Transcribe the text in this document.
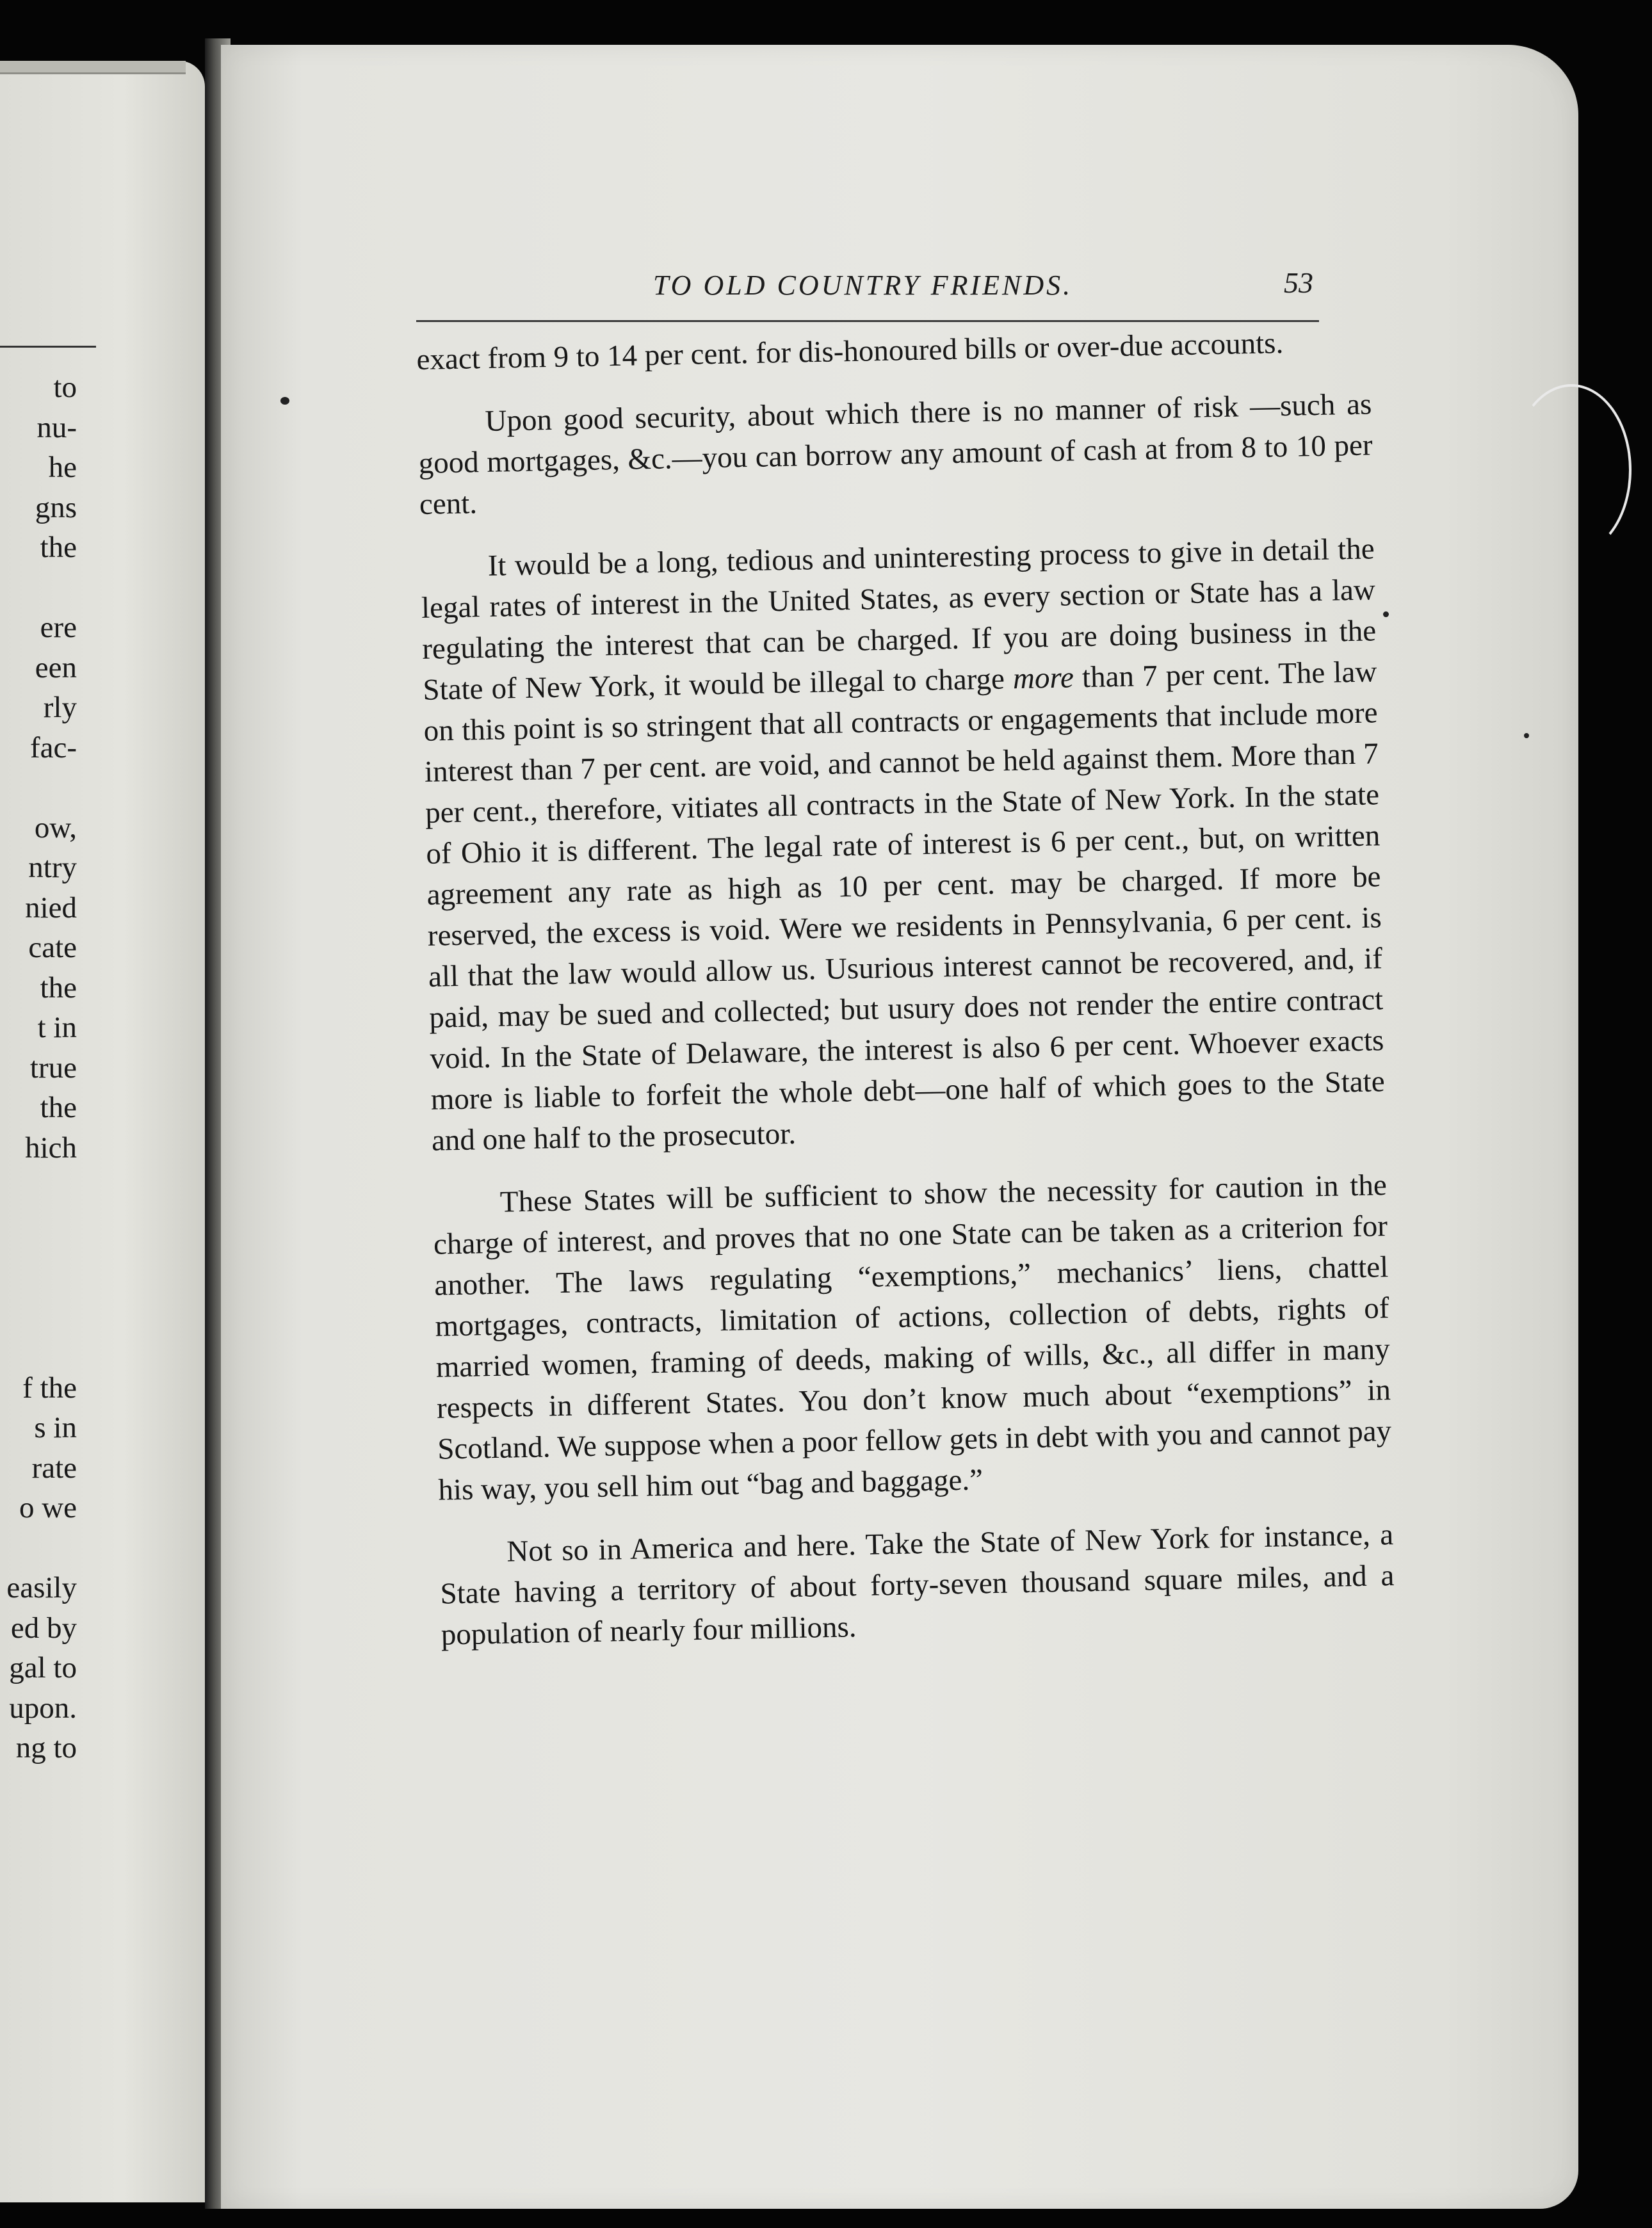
to
nu-
he
gns
the
ere
een
rly
fac-
ow,
ntry
nied
cate
the
t in
true
the
hich
f the
s in
rate
o we
easily
ed by
gal to
upon.
ng to
TO OLD COUNTRY FRIENDS.	53

exact from 9 to 14 per cent. for dis-honoured bills or over-due accounts.

Upon good security, about which there is no manner of risk —such as good mortgages, &c.—you can borrow any amount of cash at from 8 to 10 per cent.

It would be a long, tedious and uninteresting process to give in detail the legal rates of interest in the United States, as every section or State has a law regulating the interest that can be charged. If you are doing business in the State of New York, it would be illegal to charge more than 7 per cent. The law on this point is so stringent that all contracts or engagements that include more interest than 7 per cent. are void, and cannot be held against them. More than 7 per cent., therefore, vitiates all contracts in the State of New York. In the state of Ohio it is different. The legal rate of interest is 6 per cent., but, on written agreement any rate as high as 10 per cent. may be charged. If more be reserved, the excess is void. Were we residents in Pennsylvania, 6 per cent. is all that the law would allow us. Usurious interest cannot be recovered, and, if paid, may be sued and collected; but usury does not render the entire contract void. In the State of Delaware, the interest is also 6 per cent. Whoever exacts more is liable to forfeit the whole debt—one half of which goes to the State and one half to the prosecutor.

These States will be sufficient to show the necessity for caution in the charge of interest, and proves that no one State can be taken as a criterion for another. The laws regulating “exemptions,” mechanics’ liens, chattel mortgages, contracts, limitation of actions, collection of debts, rights of married women, framing of deeds, making of wills, &c., all differ in many respects in different States. You don’t know much about “exemptions” in Scotland. We suppose when a poor fellow gets in debt with you and cannot pay his way, you sell him out “bag and baggage.”

Not so in America and here. Take the State of New York for instance, a State having a territory of about forty-seven thousand square miles, and a population of nearly four millions.
